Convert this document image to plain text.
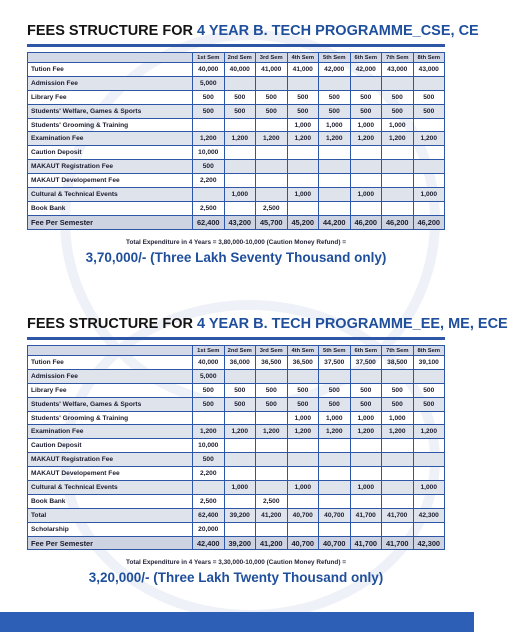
FEES STRUCTURE FOR 4 YEAR B. TECH PROGRAMME_CSE, CE
	1st Sem	2nd Sem	3rd Sem	4th Sem	5th Sem	6th Sem	7th Sem	8th Sem
Tution Fee	40,000	40,000	41,000	41,000	42,000	42,000	43,000	43,000
Admission Fee	5,000							
Library Fee	500	500	500	500	500	500	500	500
Students' Welfare, Games & Sports	500	500	500	500	500	500	500	500
Students' Grooming & Training				1,000	1,000	1,000	1,000	
Examination Fee	1,200	1,200	1,200	1,200	1,200	1,200	1,200	1,200
Caution Deposit	10,000							
MAKAUT Registration Fee	500							
MAKAUT Developement Fee	2,200							
Cultural & Technical Events		1,000		1,000		1,000		1,000
Book Bank	2,500		2,500					
Fee Per Semester	62,400	43,200	45,700	45,200	44,200	46,200	46,200	46,200
Total Expenditure in 4 Years = 3,80,000-10,000 (Caution Money Refund) =
3,70,000/- (Three Lakh Seventy Thousand only)
FEES STRUCTURE FOR 4 YEAR B. TECH PROGRAMME_EE, ME, ECE
	1st Sem	2nd Sem	3rd Sem	4th Sem	5th Sem	6th Sem	7th Sem	8th Sem
Tution Fee	40,000	36,000	36,500	36,500	37,500	37,500	38,500	39,100
Admission Fee	5,000							
Library Fee	500	500	500	500	500	500	500	500
Students' Welfare, Games & Sports	500	500	500	500	500	500	500	500
Students' Grooming & Training				1,000	1,000	1,000	1,000	
Examination Fee	1,200	1,200	1,200	1,200	1,200	1,200	1,200	1,200
Caution Deposit	10,000							
MAKAUT Registration Fee	500							
MAKAUT Developement Fee	2,200							
Cultural & Technical Events		1,000		1,000		1,000		1,000
Book Bank	2,500		2,500					
Total	62,400	39,200	41,200	40,700	40,700	41,700	41,700	42,300
Scholarship	20,000							
Fee Per Semester	42,400	39,200	41,200	40,700	40,700	41,700	41,700	42,300
Total Expenditure in 4 Years = 3,30,000-10,000 (Caution Money Refund) =
3,20,000/- (Three Lakh Twenty Thousand only)
